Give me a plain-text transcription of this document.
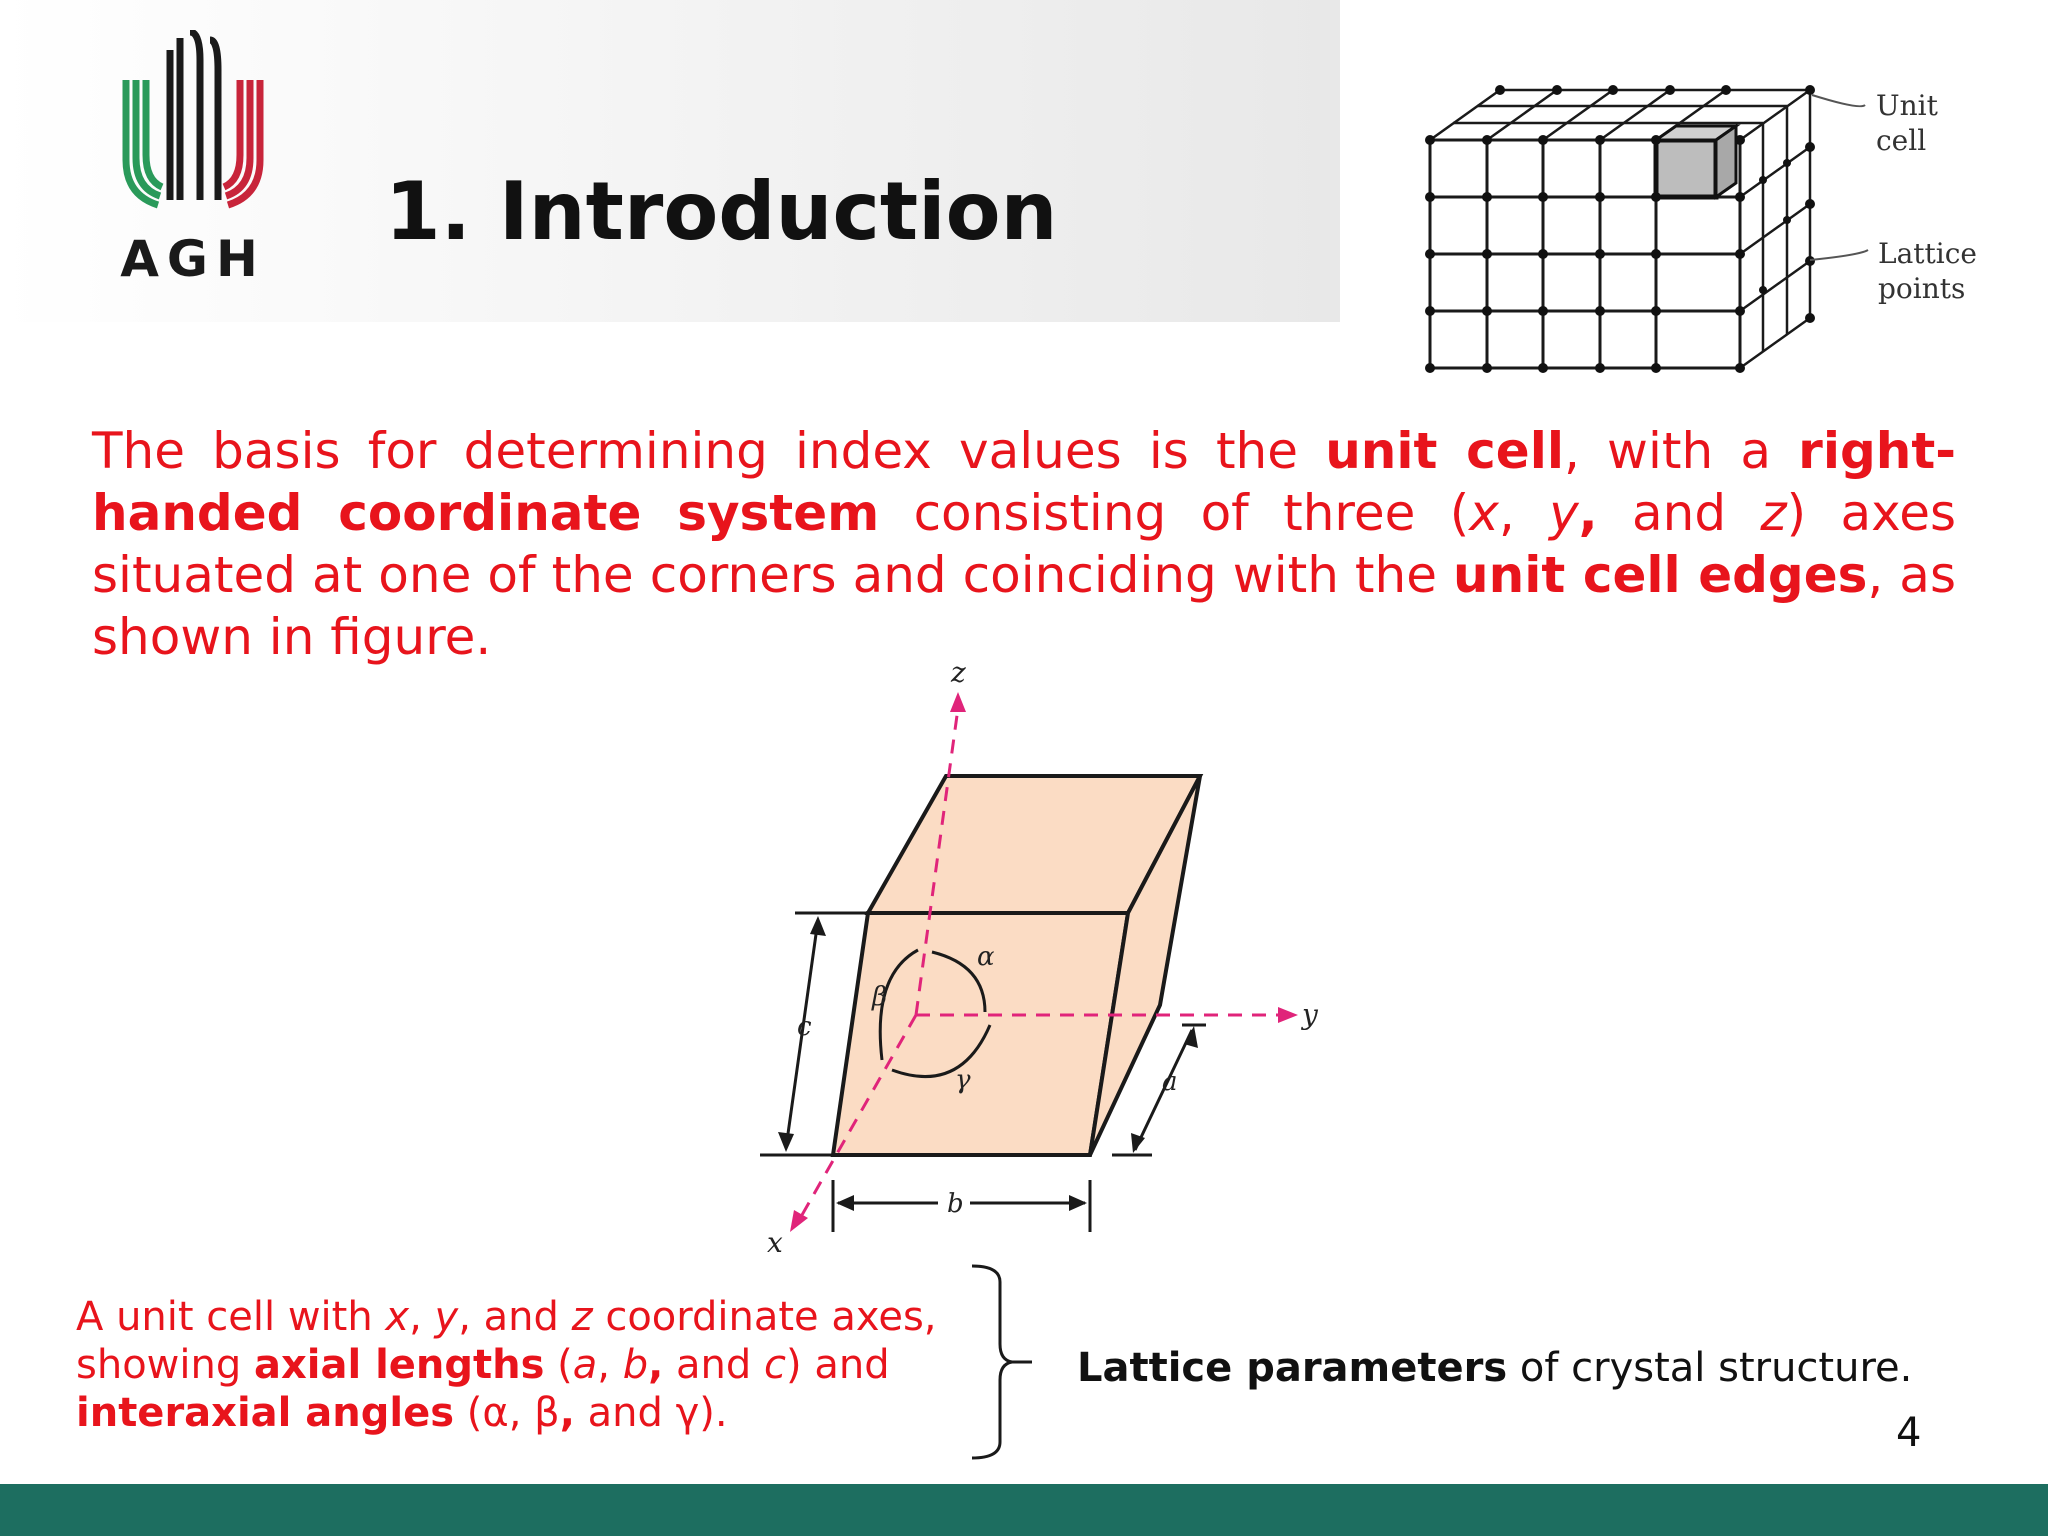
AGH
1. Introduction
Unit
cell
Lattice
points

The basis for determining index values is the unit cell, with a right-handed coordinate system consisting of three (x, y, and z) axes situated at one of the corners and coinciding with the unit cell edges, as shown in figure.

z
y
x
α
β
γ
c
b
a

A unit cell with x, y, and z coordinate axes, showing axial lengths (a, b, and c) and interaxial angles (α, β, and γ).

Lattice parameters of crystal structure.
4
